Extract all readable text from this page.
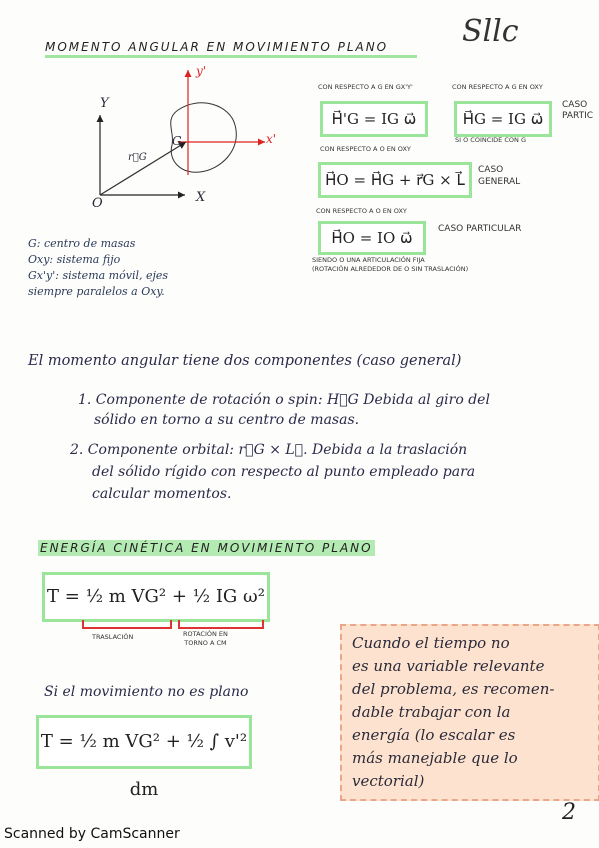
Sllc
MOMENTO ANGULAR EN MOVIMIENTO PLANO
Y
X
O
y'
x'
G
r⃗G
G: centro de masas
Oxy: sistema fijo
Gx'y': sistema móvil, ejes
siempre paralelos a Oxy.
CON RESPECTO A G EN GX'Y'
H⃗'G = IG ω⃗
CON RESPECTO A G EN OXY
H⃗G = IG ω⃗
SI O COINCIDE CON G
CASO
PARTIC
CON RESPECTO A O EN OXY
H⃗O = H⃗G + r⃗G × L⃗
CASO
GENERAL
CON RESPECTO A O EN OXY
H⃗O = IO ω⃗	CASO PARTICULAR
SIENDO O UNA ARTICULACIÓN FIJA
(ROTACIÓN ALREDEDOR DE O SIN TRASLACIÓN)
El momento angular tiene dos componentes (caso general)
1. Componente de rotación o spin: H⃗G Debida al giro del
sólido en torno a su centro de masas.
2. Componente orbital: r⃗G × L⃗. Debida a la traslación
del sólido rígido con respecto al punto empleado para
calcular momentos.
ENERGÍA CINÉTICA EN MOVIMIENTO PLANO
T = ½ m VG² + ½ IG ω²
TRASLACIÓN	ROTACIÓN EN
TORNO A CM
Si el movimiento no es plano
T = ½ m VG² + ½ ∫ v'² dm
Cuando el tiempo no
es una variable relevante
del problema, es recomen-
dable trabajar con la
energía (lo escalar es
más manejable que lo
vectorial)
2
Scanned by CamScanner
